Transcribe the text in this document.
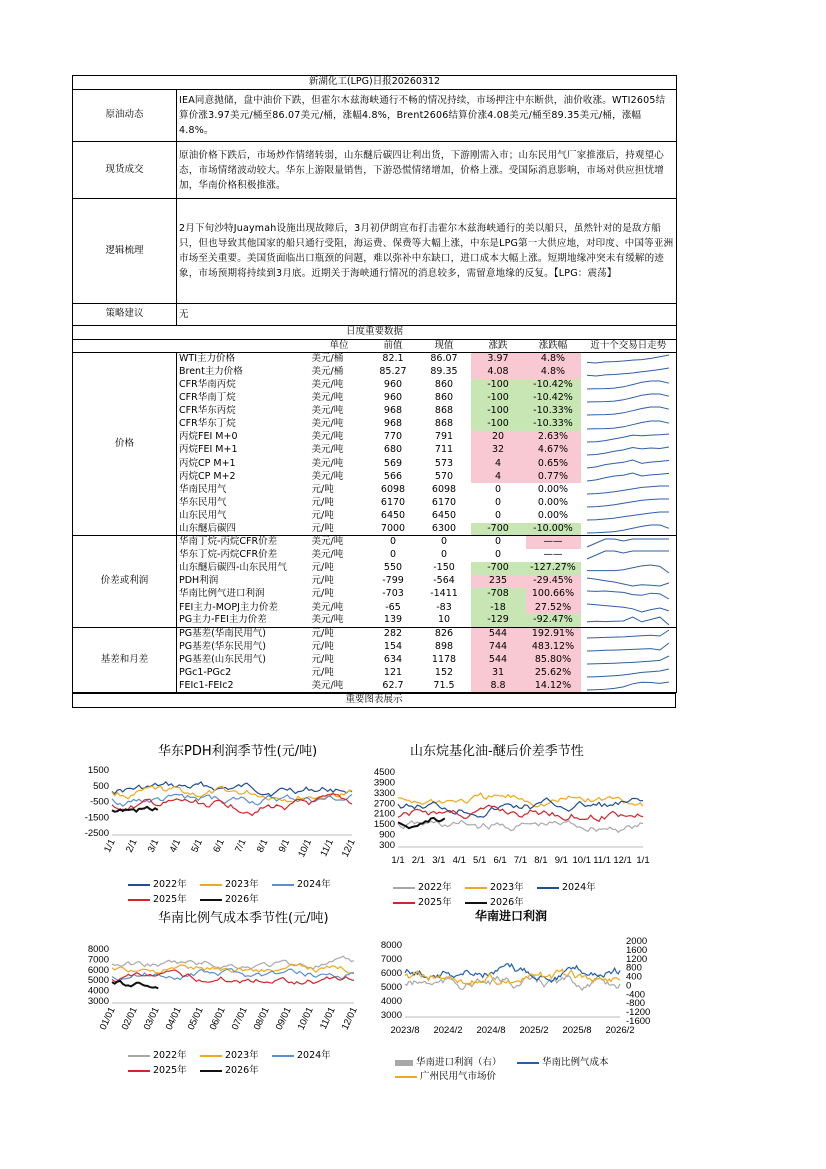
新湖化工(LPG)日报20260312	
原油动态	IEA同意抛储，盘中油价下跌，但霍尔木兹海峡通行不畅的情况持续，市场押注中东断供，油价收涨。WTI2605结算价涨3.97美元/桶至86.07美元/桶，涨幅4.8%，Brent2606结算价涨4.08美元/桶至89.35美元/桶，涨幅4.8%。
现货成交	原油价格下跌后，市场炒作情绪转弱，山东醚后碳四让利出货，下游刚需入市；山东民用气厂家推涨后，持观望心态，市场情绪波动较大。华东上游限量销售，下游恐慌情绪增加，价格上涨。受国际消息影响，市场对供应担忧增加，华南价格积极推涨。
逻辑梳理	2月下旬沙特Juaymah设施出现故障后，3月初伊朗宣布打击霍尔木兹海峡通行的美以船只，虽然针对的是敌方船只，但也导致其他国家的船只通行受阻，海运费、保费等大幅上涨，中东是LPG第一大供应地，对印度、中国等亚洲市场至关重要。美国货面临出口瓶颈的问题，难以弥补中东缺口，进口成本大幅上涨。短期地缘冲突未有缓解的迹象，市场预期将持续到3月底。近期关于海峡通行情况的消息较多，需留意地缘的反复。【LPG：震荡】
策略建议	无
日度重要数据							
		单位	前值	现值	涨跌	涨跌幅	近十个交易日走势
价格	WTI主力价格	美元/桶	82.1	86.07	3.97	4.8%	

	Brent主力价格	美元/桶	85.27	89.35	4.08	4.8%	

	CFR华南丙烷	美元/吨	960	860	-100	-10.42%	

	CFR华南丁烷	美元/吨	960	860	-100	-10.42%	

	CFR华东丙烷	美元/吨	968	868	-100	-10.33%	

	CFR华东丁烷	美元/吨	968	868	-100	-10.33%	

	丙烷FEI M+0	美元/吨	770	791	20	2.63%	

	丙烷FEI M+1	美元/吨	680	711	32	4.67%	

	丙烷CP M+1	美元/吨	569	573	4	0.65%	

	丙烷CP M+2	美元/吨	566	570	4	0.77%	

	华南民用气	元/吨	6098	6098	0	0.00%	

	华东民用气	元/吨	6170	6170	0	0.00%	

	山东民用气	元/吨	6450	6450	0	0.00%	

	山东醚后碳四	元/吨	7000	6300	-700	-10.00%	

价差或利润	华南丁烷-丙烷CFR价差	美元/吨	0	0	0	——	

	华东丁烷-丙烷CFR价差	美元/吨	0	0	0	——	

	山东醚后碳四-山东民用气	元/吨	550	-150	-700	-127.27%	

	PDH利润	元/吨	-799	-564	235	-29.45%	

	华南比例气进口利润	元/吨	-703	-1411	-708	100.66%	

	FEI主力-MOPJ主力价差	美元/吨	-65	-83	-18	27.52%	

	PG主力-FEI主力价差	美元/吨	139	10	-129	-92.47%	

基差和月差	PG基差(华南民用气)	元/吨	282	826	544	192.91%	

	PG基差(华东民用气)	元/吨	154	898	744	483.12%	

	PG基差(山东民用气)	元/吨	634	1178	544	85.80%	

	PGc1-PGc2	元/吨	121	152	31	25.62%	

	FEIc1-FEIc2	美元/吨	62.7	71.5	8.8	14.12%	

重要图表展示
华东PDH利润季节性(元/吨)
1500
500
-500
-1500
-2500
1/1 2/1 3/1 4/1 5/1 6/1 7/1 8/1 9/1 10/1 11/1 12/1
2022年	2023年	2024年
2025年	2026年
山东烷基化油-醚后价差季节性
4500
3900
3300
2700
2100
1500
900
300
1/1 2/1 3/1 4/1 5/1 6/1 7/1 8/1 9/1 10/1 11/1 12/1 1/1
2022年	2023年	2024年
2025年	2026年
华南比例气成本季节性(元/吨)
8000
7000
6000
5000
4000
3000
01/01 02/01 03/01 04/01 05/01 06/01 07/01 08/01 09/01 10/01 11/01 12/01
2022年	2023年	2024年
2025年	2026年
华南进口利润
8000
7000
6000
5000
4000
3000
2000
1600
1200
800
400
0
-400
-800
-1200
-1600
2023/8 2024/2 2024/8 2025/2 2025/8 2026/2
华南进口利润（右）	华南比例气成本
广州民用气市场价
